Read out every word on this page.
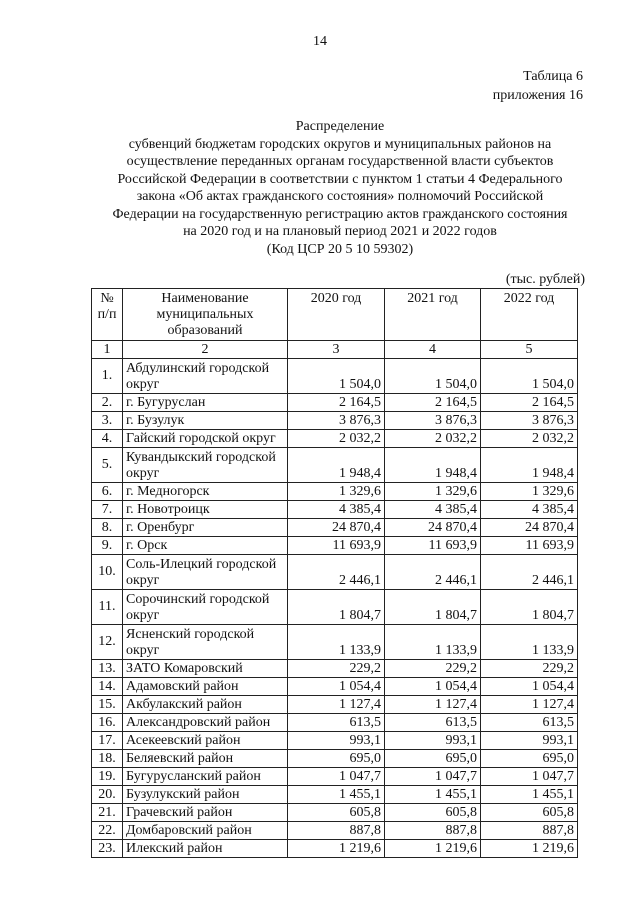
14
Таблица 6
приложения 16
Распределение
субвенций бюджетам городских округов и муниципальных районов на
осуществление переданных органам государственной власти субъектов
Российской Федерации в соответствии с пунктом 1 статьи 4 Федерального
закона «Об актах гражданского состояния» полномочий Российской
Федерации на государственную регистрацию актов гражданского состояния
на 2020 год и на плановый период 2021 и 2022 годов
(Код ЦСР 20 5 10 59302)
(тыс. рублей)
№ п/п	Наименование муниципальных образований	2020 год	2021 год	2022 год
1	2	3	4	5
1.	Абдулинский городской округ	1 504,0	1 504,0	1 504,0
2.	г. Бугуруслан	2 164,5	2 164,5	2 164,5
3.	г. Бузулук	3 876,3	3 876,3	3 876,3
4.	Гайский городской округ	2 032,2	2 032,2	2 032,2
5.	Кувандыкский городской округ	1 948,4	1 948,4	1 948,4
6.	г. Медногорск	1 329,6	1 329,6	1 329,6
7.	г. Новотроицк	4 385,4	4 385,4	4 385,4
8.	г. Оренбург	24 870,4	24 870,4	24 870,4
9.	г. Орск	11 693,9	11 693,9	11 693,9
10.	Соль-Илецкий городской округ	2 446,1	2 446,1	2 446,1
11.	Сорочинский городской округ	1 804,7	1 804,7	1 804,7
12.	Ясненский городской округ	1 133,9	1 133,9	1 133,9
13.	ЗАТО Комаровский	229,2	229,2	229,2
14.	Адамовский район	1 054,4	1 054,4	1 054,4
15.	Акбулакский район	1 127,4	1 127,4	1 127,4
16.	Александровский район	613,5	613,5	613,5
17.	Асекеевский район	993,1	993,1	993,1
18.	Беляевский район	695,0	695,0	695,0
19.	Бугурусланский район	1 047,7	1 047,7	1 047,7
20.	Бузулукский район	1 455,1	1 455,1	1 455,1
21.	Грачевский район	605,8	605,8	605,8
22.	Домбаровский район	887,8	887,8	887,8
23.	Илекский район	1 219,6	1 219,6	1 219,6
